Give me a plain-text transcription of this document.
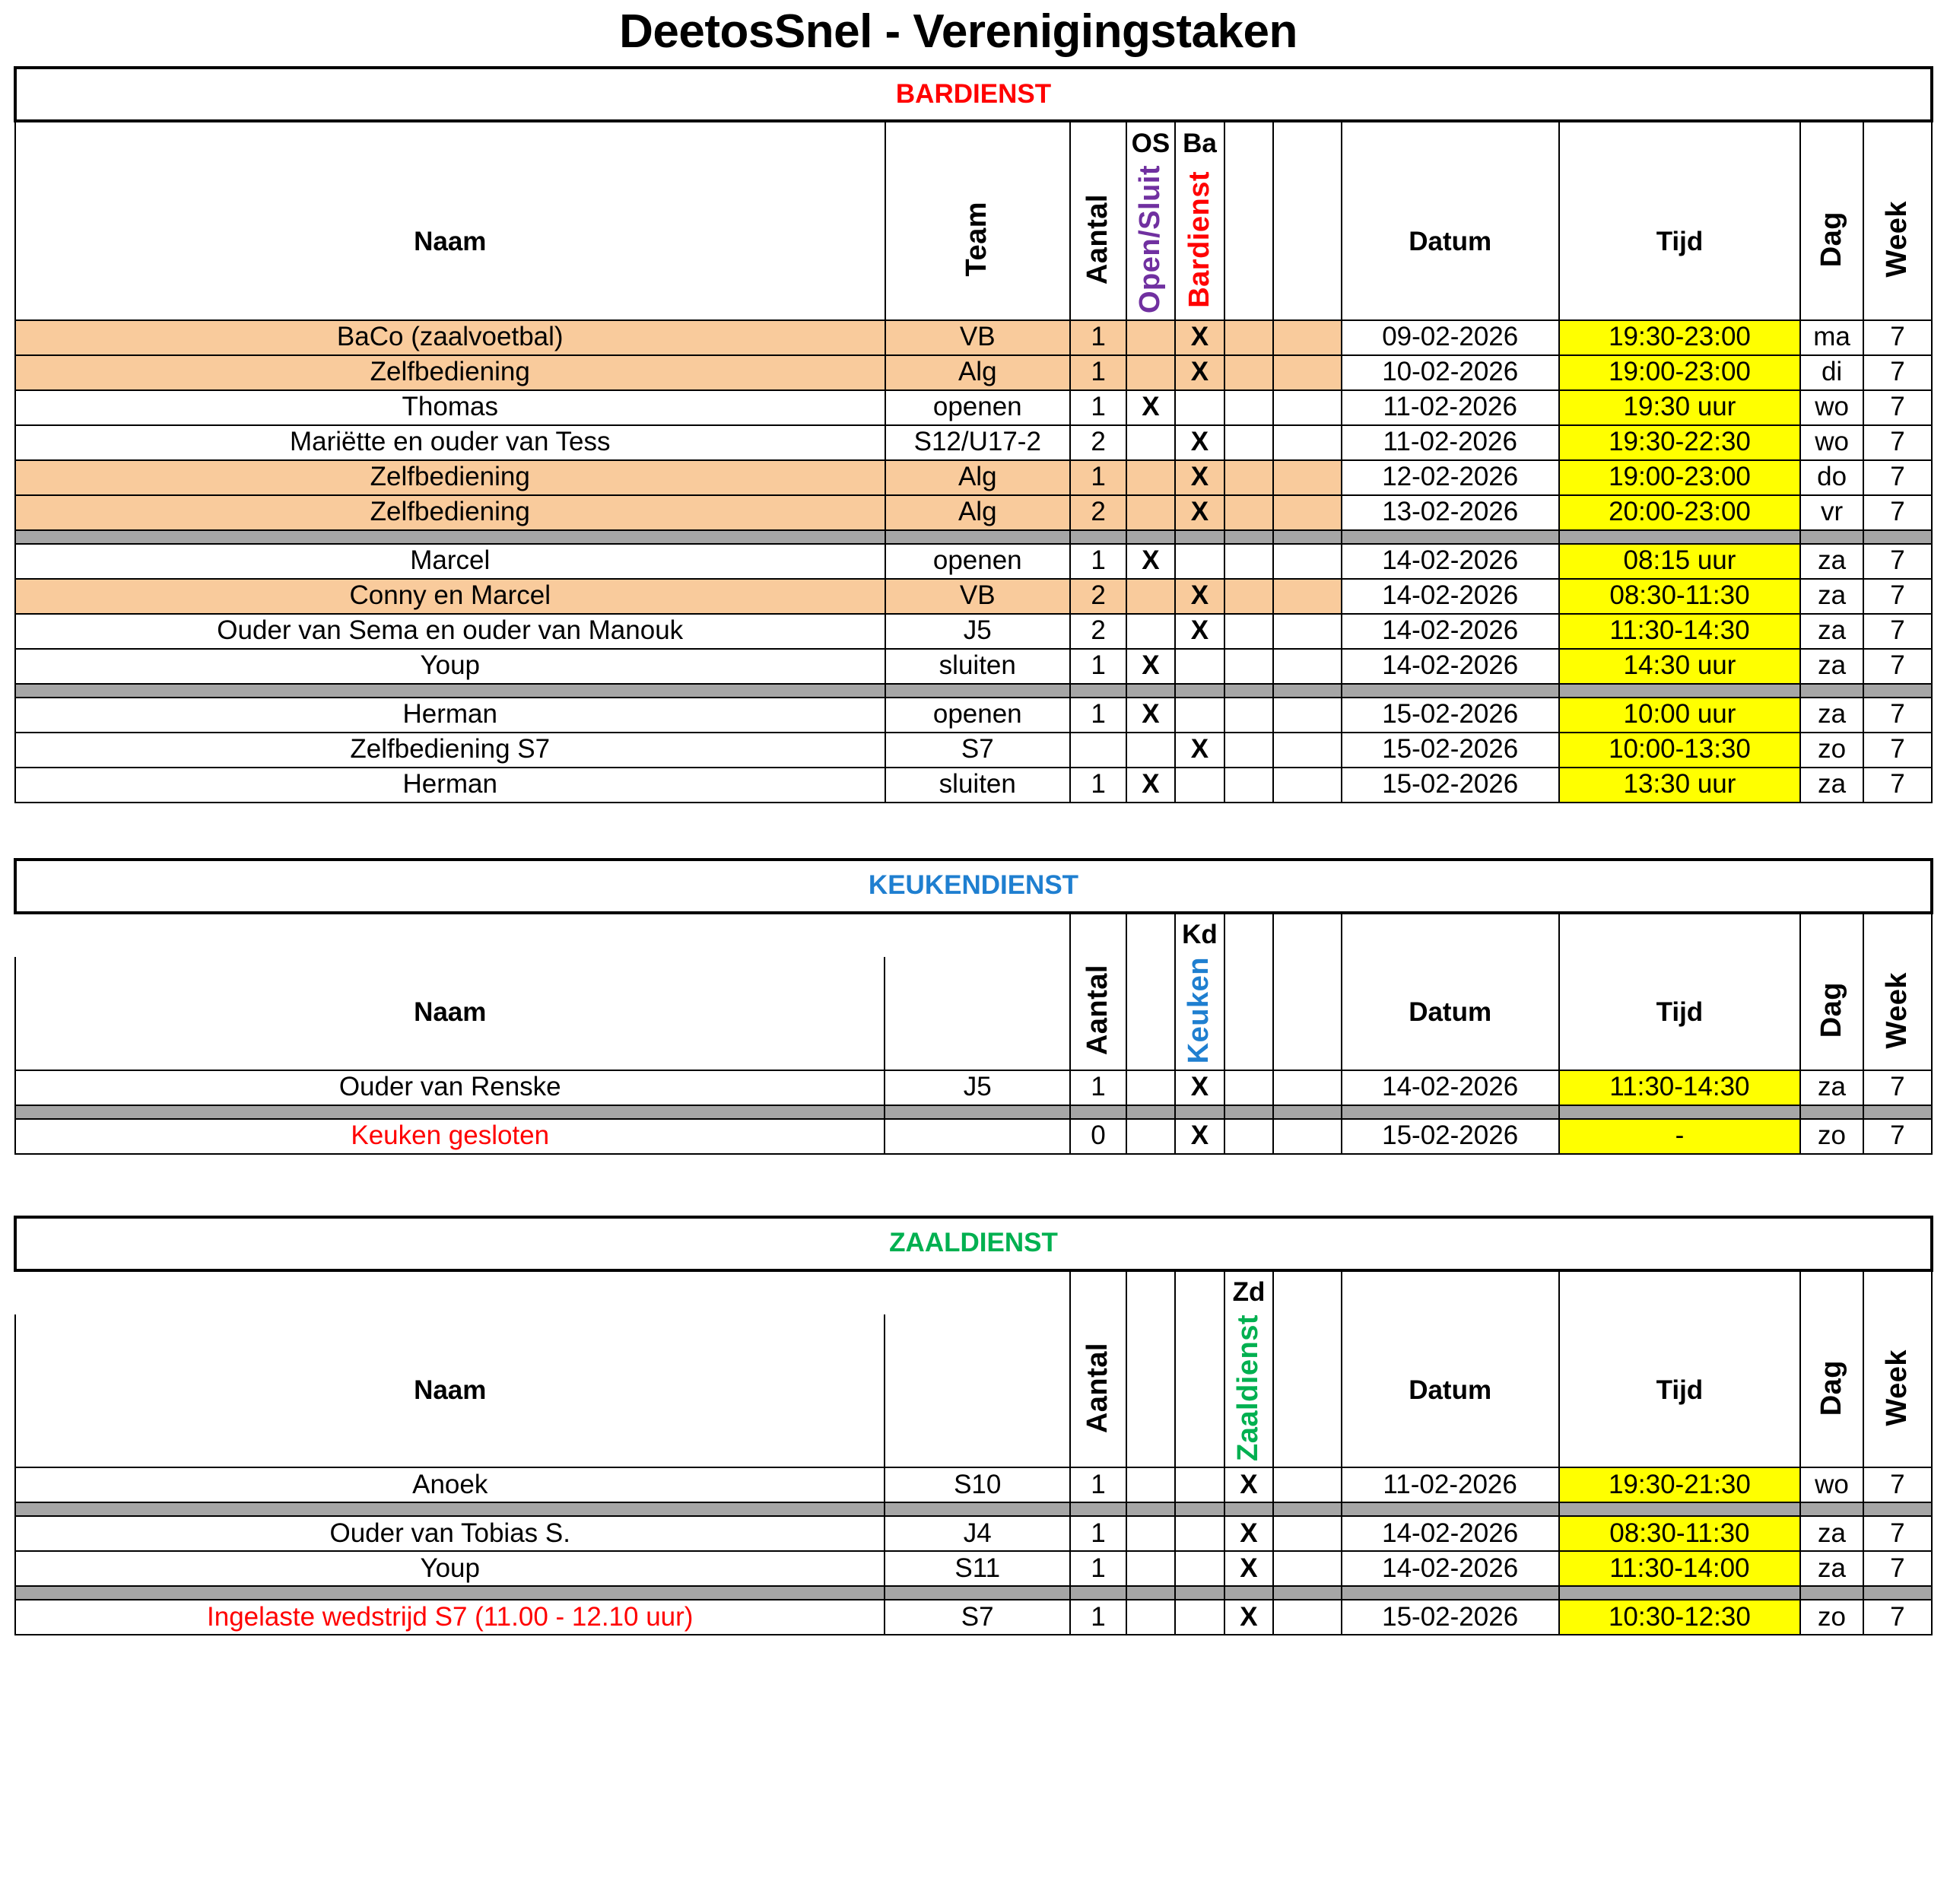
DeetosSnel - Verenigingstaken
BARDIENST										
			OS	Ba						
Naam	Team	Aantal	Open/Sluit	Bardienst			Datum	Tijd	Dag	Week
BaCo (zaalvoetbal)	VB	1		X			09-02-2026	19:30-23:00	ma	7
Zelfbediening	Alg	1		X			10-02-2026	19:00-23:00	di	7
Thomas	openen	1	X				11-02-2026	19:30 uur	wo	7
Mariëtte en ouder van Tess	S12/U17-2	2		X			11-02-2026	19:30-22:30	wo	7
Zelfbediening	Alg	1		X			12-02-2026	19:00-23:00	do	7
Zelfbediening	Alg	2		X			13-02-2026	20:00-23:00	vr	7

Marcel	openen	1	X				14-02-2026	08:15 uur	za	7
Conny en Marcel	VB	2		X			14-02-2026	08:30-11:30	za	7
Ouder van Sema en ouder van Manouk	J5	2		X			14-02-2026	11:30-14:30	za	7
Youp	sluiten	1	X				14-02-2026	14:30 uur	za	7

Herman	openen	1	X				15-02-2026	10:00 uur	za	7
Zelfbediening S7	S7			X			15-02-2026	10:00-13:30	zo	7
Herman	sluiten	1	X				15-02-2026	13:30 uur	za	7
KEUKENDIENST										
				Kd						
Naam		Aantal		Keuken			Datum	Tijd	Dag	Week
Ouder van Renske	J5	1		X			14-02-2026	11:30-14:30	za	7

Keuken gesloten		0		X			15-02-2026	-	zo	7
ZAALDIENST										
					Zd					
Naam		Aantal			Zaaldienst		Datum	Tijd	Dag	Week
Anoek	S10	1			X		11-02-2026	19:30-21:30	wo	7

Ouder van Tobias S.	J4	1			X		14-02-2026	08:30-11:30	za	7
Youp	S11	1			X		14-02-2026	11:30-14:00	za	7

Ingelaste wedstrijd S7 (11.00 - 12.10 uur)	S7	1			X		15-02-2026	10:30-12:30	zo	7
